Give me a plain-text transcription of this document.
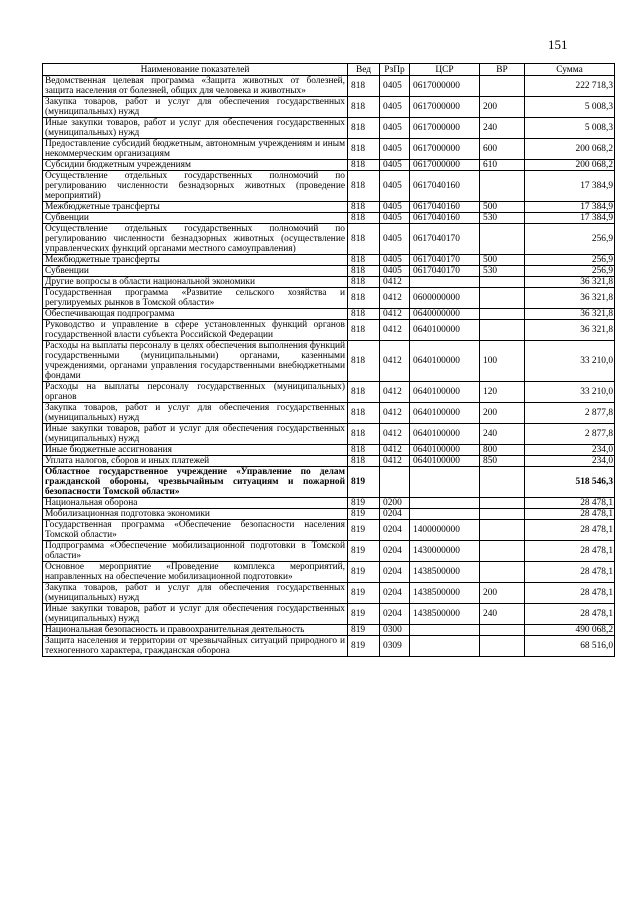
151
Наименование показателей	Вед	РзПр	ЦСР	ВР	Сумма
Ведомственная целевая программа «Защита животных от болезней, защита населения от болезней, общих для человека и животных»	818	0405	0617000000		222 718,3
Закупка товаров, работ и услуг для обеспечения государственных (муниципальных) нужд	818	0405	0617000000	200	5 008,3
Иные закупки товаров, работ и услуг для обеспечения государственных (муниципальных) нужд	818	0405	0617000000	240	5 008,3
Предоставление субсидий бюджетным, автономным учреждениям и иным некоммерческим организациям	818	0405	0617000000	600	200 068,2
Субсидии бюджетным учреждениям	818	0405	0617000000	610	200 068,2
Осуществление отдельных государственных полномочий по регулированию численности безнадзорных животных (проведение мероприятий)	818	0405	0617040160		17 384,9
Межбюджетные трансферты	818	0405	0617040160	500	17 384,9
Субвенции	818	0405	0617040160	530	17 384,9
Осуществление отдельных государственных полномочий по регулированию численности безнадзорных животных (осуществление управленческих функций органами местного самоуправления)	818	0405	0617040170		256,9
Межбюджетные трансферты	818	0405	0617040170	500	256,9
Субвенции	818	0405	0617040170	530	256,9
Другие вопросы в области национальной экономики	818	0412			36 321,8
Государственная программа «Развитие сельского хозяйства и регулируемых рынков в Томской области»	818	0412	0600000000		36 321,8
Обеспечивающая подпрограмма	818	0412	0640000000		36 321,8
Руководство и управление в сфере установленных функций органов государственной власти субъекта Российской Федерации	818	0412	0640100000		36 321,8
Расходы на выплаты персоналу в целях обеспечения выполнения функций государственными (муниципальными) органами, казенными учреждениями, органами управления государственными внебюджетными фондами	818	0412	0640100000	100	33 210,0
Расходы на выплаты персоналу государственных (муниципальных) органов	818	0412	0640100000	120	33 210,0
Закупка товаров, работ и услуг для обеспечения государственных (муниципальных) нужд	818	0412	0640100000	200	2 877,8
Иные закупки товаров, работ и услуг для обеспечения государственных (муниципальных) нужд	818	0412	0640100000	240	2 877,8
Иные бюджетные ассигнования	818	0412	0640100000	800	234,0
Уплата налогов, сборов и иных платежей	818	0412	0640100000	850	234,0
Областное государственное учреждение «Управление по делам гражданской обороны, чрезвычайным ситуациям и пожарной безопасности Томской области»	819				518 546,3
Национальная оборона	819	0200			28 478,1
Мобилизационная подготовка экономики	819	0204			28 478,1
Государственная программа «Обеспечение безопасности населения Томской области»	819	0204	1400000000		28 478,1
Подпрограмма «Обеспечение мобилизационной подготовки в Томской области»	819	0204	1430000000		28 478,1
Основное мероприятие «Проведение комплекса мероприятий, направленных на обеспечение мобилизационной подготовки»	819	0204	1438500000		28 478,1
Закупка товаров, работ и услуг для обеспечения государственных (муниципальных) нужд	819	0204	1438500000	200	28 478,1
Иные закупки товаров, работ и услуг для обеспечения государственных (муниципальных) нужд	819	0204	1438500000	240	28 478,1
Национальная безопасность и правоохранительная деятельность	819	0300			490 068,2
Защита населения и территории от чрезвычайных ситуаций природного и техногенного характера, гражданская оборона	819	0309			68 516,0
